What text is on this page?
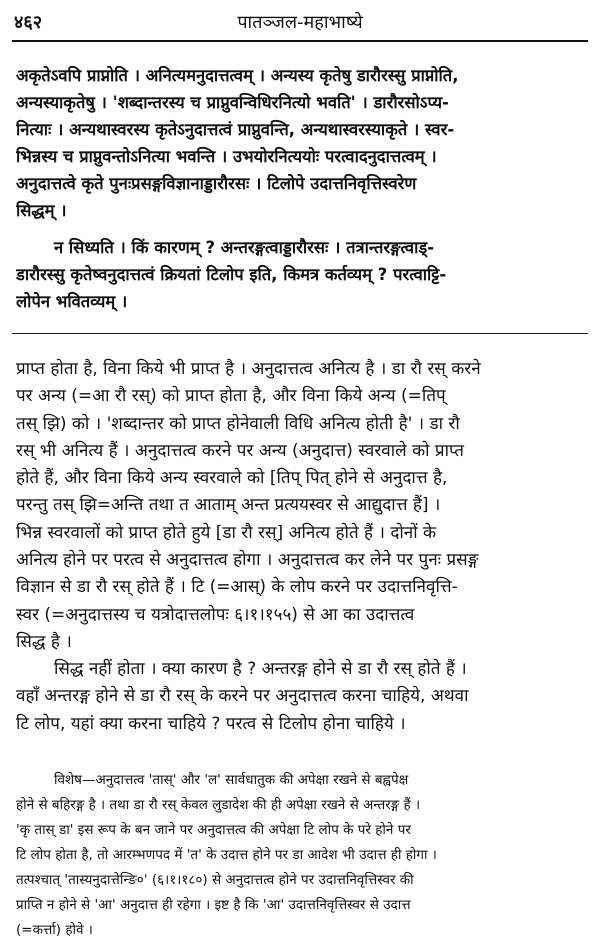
४६२	पातञ्जल-महाभाष्ये
अकृतेऽवपि प्राप्नोति । अनित्यमनुदात्तत्वम् । अन्यस्य कृतेषु डारौरस्सु प्राप्नोति,
अन्यस्याकृतेषु । 'शब्दान्तरस्य च प्राप्नुवन्विधिरनित्यो भवति' । डारौरसोऽप्य-
नित्याः । अन्यथास्वरस्य कृतेऽनुदात्तत्वं प्राप्नुवन्ति, अन्यथास्वरस्याकृते । स्वर-
भिन्नस्य च प्राप्नुवन्तोऽनित्या भवन्ति । उभयोरनित्ययोः परत्वादनुदात्तत्वम् ।
अनुदात्तत्वे कृते पुनःप्रसङ्गविज्ञानाड्डारौरसः । टिलोपे उदात्तनिवृत्तिस्वरेण
सिद्धम् ।
न सिध्यति । किं कारणम् ? अन्तरङ्गत्वाड्डारौरसः । तत्रान्तरङ्गत्वाड्-
डारौरस्सु कृतेष्वनुदात्तत्वं क्रियतां टिलोप इति, किमत्र कर्तव्यम् ? परत्वाट्टि-
लोपेन भवितव्यम् ।
प्राप्त होता है, विना किये भी प्राप्त है । अनुदात्तत्व अनित्य है । डा रौ रस् करने
पर अन्य (=आ रौ रस्) को प्राप्त होता है, और विना किये अन्य (=तिप्
तस् झि) को । 'शब्दान्तर को प्राप्त होनेवाली विधि अनित्य होती है' । डा रौ
रस् भी अनित्य हैं । अनुदात्तत्व करने पर अन्य (अनुदात्त) स्वरवाले को प्राप्त
होते हैं, और विना किये अन्य स्वरवाले को [तिप् पित् होने से अनुदात्त है,
परन्तु तस् झि=अन्ति तथा त आताम् अन्त प्रत्ययस्वर से आद्युदात्त हैं] ।
भिन्न स्वरवालों को प्राप्त होते हुये [डा रौ रस्] अनित्य होते हैं । दोनों के
अनित्य होने पर परत्व से अनुदात्तत्व होगा । अनुदात्तत्व कर लेने पर पुनः प्रसङ्ग
विज्ञान से डा रौ रस् होते हैं । टि (=आस्) के लोप करने पर उदात्तनिवृत्ति-
स्वर (=अनुदात्तस्य च यत्रोदात्तलोपः ६।१।१५५) से आ का उदात्तत्व
सिद्ध है ।
सिद्ध नहीं होता । क्या कारण है ? अन्तरङ्ग होने से डा रौ रस् होते हैं ।
वहाँ अन्तरङ्ग होने से डा रौ रस् के करने पर अनुदात्तत्व करना चाहिये, अथवा
टि लोप, यहां क्या करना चाहिये ? परत्व से टिलोप होना चाहिये ।
विशेष—अनुदात्तत्व 'तास्' और 'ल' सार्वधातुक की अपेक्षा रखने से बह्वपेक्ष
होने से बहिरङ्ग है । तथा डा रौ रस् केवल लुडादेश की ही अपेक्षा रखने से अन्तरङ्ग हैं ।
'कृ तास् डा' इस रूप के बन जाने पर अनुदात्तत्व की अपेक्षा टि लोप के परे होने पर
टि लोप होता है, तो आरम्भणपद में 'त' के उदात्त होने पर डा आदेश भी उदात्त ही होगा ।
तत्पश्चात् 'तास्यनुदात्तेन्ङि०' (६।१।१८०) से अनुदात्तत्व होने पर उदात्तनिवृत्तिस्वर की
प्राप्ति न होने से 'आ' अनुदात्त ही रहेगा । इष्ट है कि 'आ' उदात्तनिवृत्तिस्वर से उदात्त
(=कर्त्ता) होवे ।
